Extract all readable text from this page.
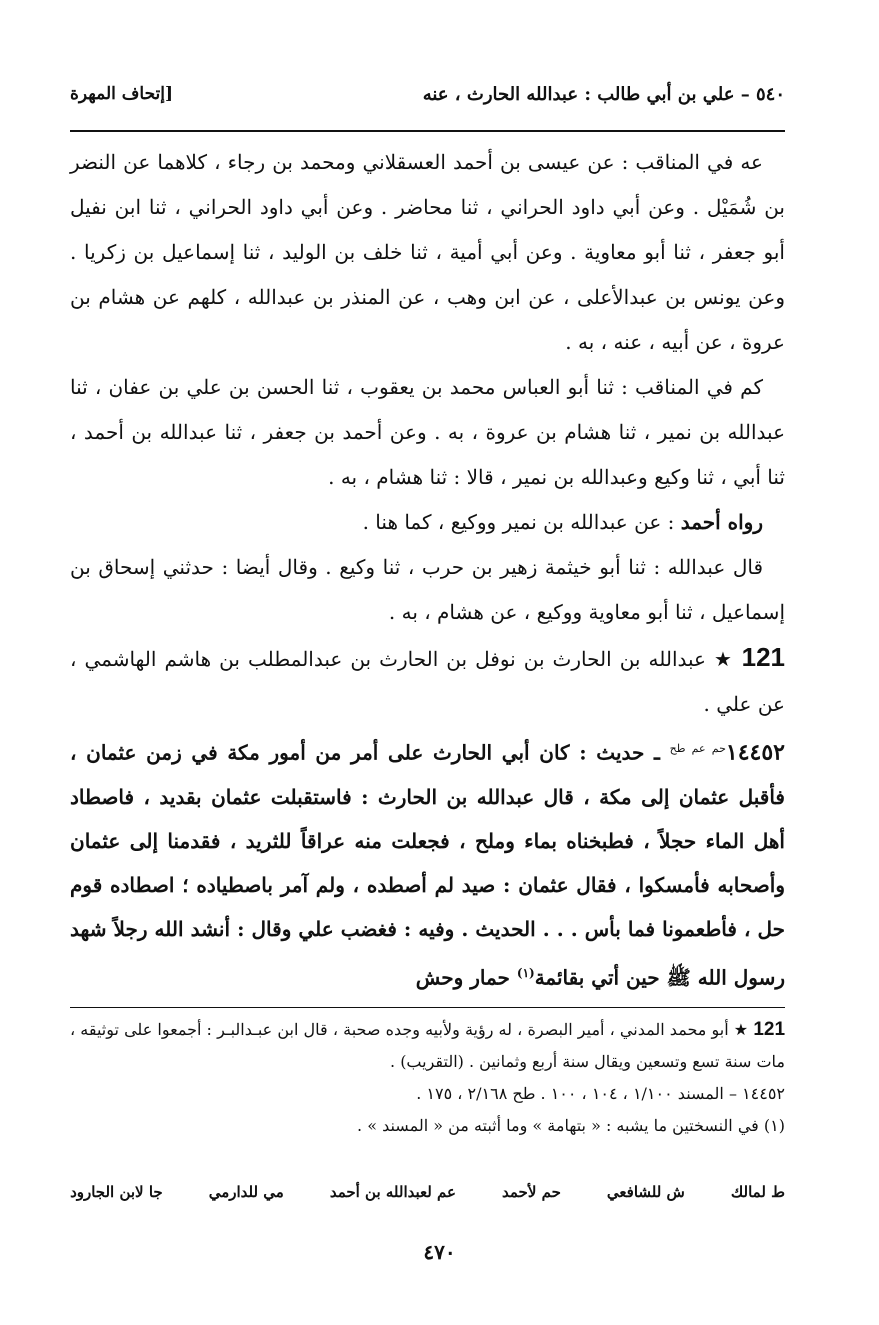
٥٤٠ – علي بن أبي طالب : عبدالله الحارث ، عنه
[إتحاف المهرة

عه في المناقب : عن عيسى بن أحمد العسقلاني ومحمد بن رجاء ، كلاهما عن النضر بن شُمَيْل . وعن أبي داود الحراني ، ثنا محاضر . وعن أبي داود الحراني ، ثنا ابن نفيل أبو جعفر ، ثنا أبو معاوية . وعن أبي أمية ، ثنا خلف بن الوليد ، ثنا إسماعيل بن زكريا . وعن يونس بن عبدالأعلى ، عن ابن وهب ، عن المنذر بن عبدالله ، كلهم عن هشام بن عروة ، عن أبيه ، عنه ، به .

كم في المناقب : ثنا أبو العباس محمد بن يعقوب ، ثنا الحسن بن علي بن عفان ، ثنا عبدالله بن نمير ، ثنا هشام بن عروة ، به . وعن أحمد بن جعفر ، ثنا عبدالله بن أحمد ، ثنا أبي ، ثنا وكيع وعبدالله بن نمير ، قالا : ثنا هشام ، به .

رواه أحمد : عن عبدالله بن نمير ووكيع ، كما هنا .

قال عبدالله : ثنا أبو خيثمة زهير بن حرب ، ثنا وكيع . وقال أيضا : حدثني إسحاق بن إسماعيل ، ثنا أبو معاوية ووكيع ، عن هشام ، به .

121 ★ عبدالله بن الحارث بن نوفل بن الحارث بن عبدالمطلب بن هاشم الهاشمي ، عن علي .

$١٤٤٥٢^{حم عم طح}$ ـ حديث : كان أبي الحارث على أمر من أمور مكة في زمن عثمان ، فأقبل عثمان إلى مكة ، قال عبدالله بن الحارث : فاستقبلت عثمان بقديد ، فاصطاد أهل الماء حجلاً ، فطبخناه بماء وملح ، فجعلت منه عراقاً للثريد ، فقدمنا إلى عثمان وأصحابه فأمسكوا ، فقال عثمان : صيد لم أصطده ، ولم آمر باصطياده ؛ اصطاده قوم حل ، فأطعمونا فما بأس . . . الحديث . وفيه : فغضب علي وقال : أنشد الله رجلاً شهد رسول الله ﷺ حين أتي بقائمة$^{(١)}$ حمار وحش

121 ★ أبو محمد المدني ، أمير البصرة ، له رؤية ولأبيه وجده صحبة ، قال ابن عبـدالبـر : أجمعوا على توثيقه ، مات سنة تسع وتسعين ويقال سنة أربع وثمانين . (التقريب) .

١٤٤٥٢ – المسند ١/١٠٠ ، ١٠٤ ، ١٠٠ . طح ٢/١٦٨ ، ١٧٥ .

(١) في النسختين ما يشبه : « بتهامة » وما أثبته من « المسند » .

ط لمالك
ش للشافعي
حم لأحمد
عم لعبدالله بن أحمد
مي للدارمي
جا لابن الجارود
٤٧٠
